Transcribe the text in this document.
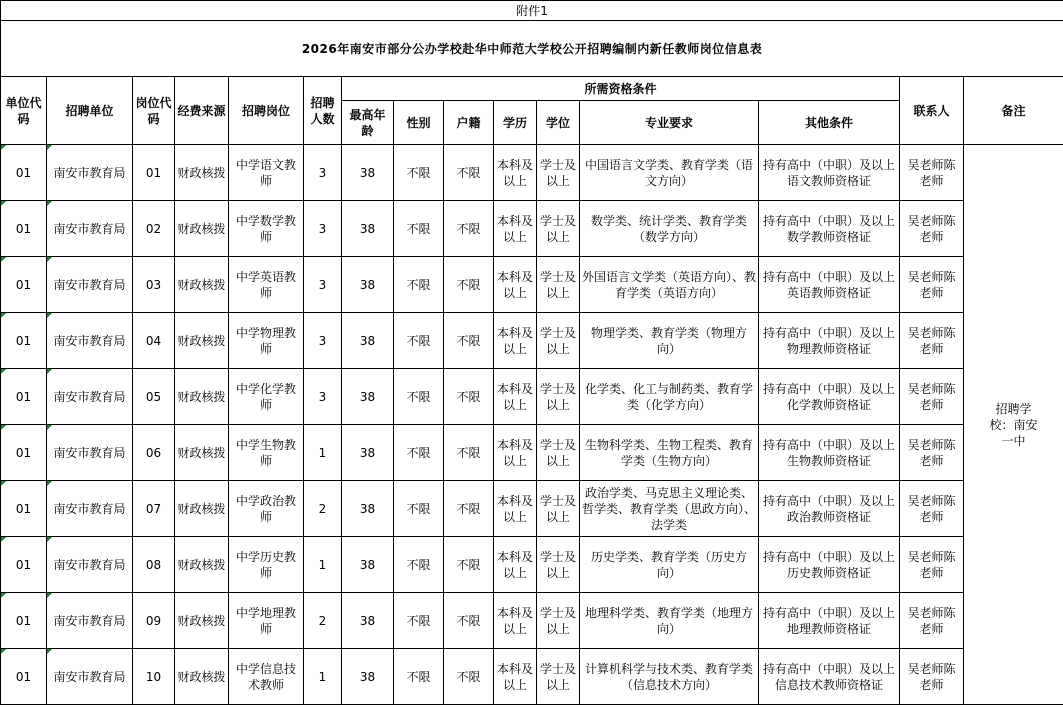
附件1														
2026年南安市部分公办学校赴华中师范大学校公开招聘编制内新任教师岗位信息表														
单位代码	招聘单位	岗位代码	经费来源	招聘岗位	招聘人数	所需资格条件							联系人	备注
						最高年龄	性别	户籍	学历	学位	专业要求	其他条件		
01	南安市教育局	01	财政核拨	中学语文教师	3	38	不限	不限	本科及以上	学士及以上	中国语言文学类、教育学类（语文方向）	持有高中（中职）及以上语文教师资格证	吴老师陈老师	招聘学校：南安一中
01	南安市教育局	02	财政核拨	中学数学教师	3	38	不限	不限	本科及以上	学士及以上	数学类、统计学类、教育学类（数学方向）	持有高中（中职）及以上数学教师资格证	吴老师陈老师	
01	南安市教育局	03	财政核拨	中学英语教师	3	38	不限	不限	本科及以上	学士及以上	外国语言文学类（英语方向）、教育学类（英语方向）	持有高中（中职）及以上英语教师资格证	吴老师陈老师	
01	南安市教育局	04	财政核拨	中学物理教师	3	38	不限	不限	本科及以上	学士及以上	物理学类、教育学类（物理方向）	持有高中（中职）及以上物理教师资格证	吴老师陈老师	
01	南安市教育局	05	财政核拨	中学化学教师	3	38	不限	不限	本科及以上	学士及以上	化学类、化工与制药类、教育学类（化学方向）	持有高中（中职）及以上化学教师资格证	吴老师陈老师	
01	南安市教育局	06	财政核拨	中学生物教师	1	38	不限	不限	本科及以上	学士及以上	生物科学类、生物工程类、教育学类（生物方向）	持有高中（中职）及以上生物教师资格证	吴老师陈老师	
01	南安市教育局	07	财政核拨	中学政治教师	2	38	不限	不限	本科及以上	学士及以上	政治学类、马克思主义理论类、哲学类、教育学类（思政方向）、法学类	持有高中（中职）及以上政治教师资格证	吴老师陈老师	
01	南安市教育局	08	财政核拨	中学历史教师	1	38	不限	不限	本科及以上	学士及以上	历史学类、教育学类（历史方向）	持有高中（中职）及以上历史教师资格证	吴老师陈老师	
01	南安市教育局	09	财政核拨	中学地理教师	2	38	不限	不限	本科及以上	学士及以上	地理科学类、教育学类（地理方向）	持有高中（中职）及以上地理教师资格证	吴老师陈老师	
01	南安市教育局	10	财政核拨	中学信息技术教师	1	38	不限	不限	本科及以上	学士及以上	计算机科学与技术类、教育学类（信息技术方向）	持有高中（中职）及以上信息技术教师资格证	吴老师陈老师	
